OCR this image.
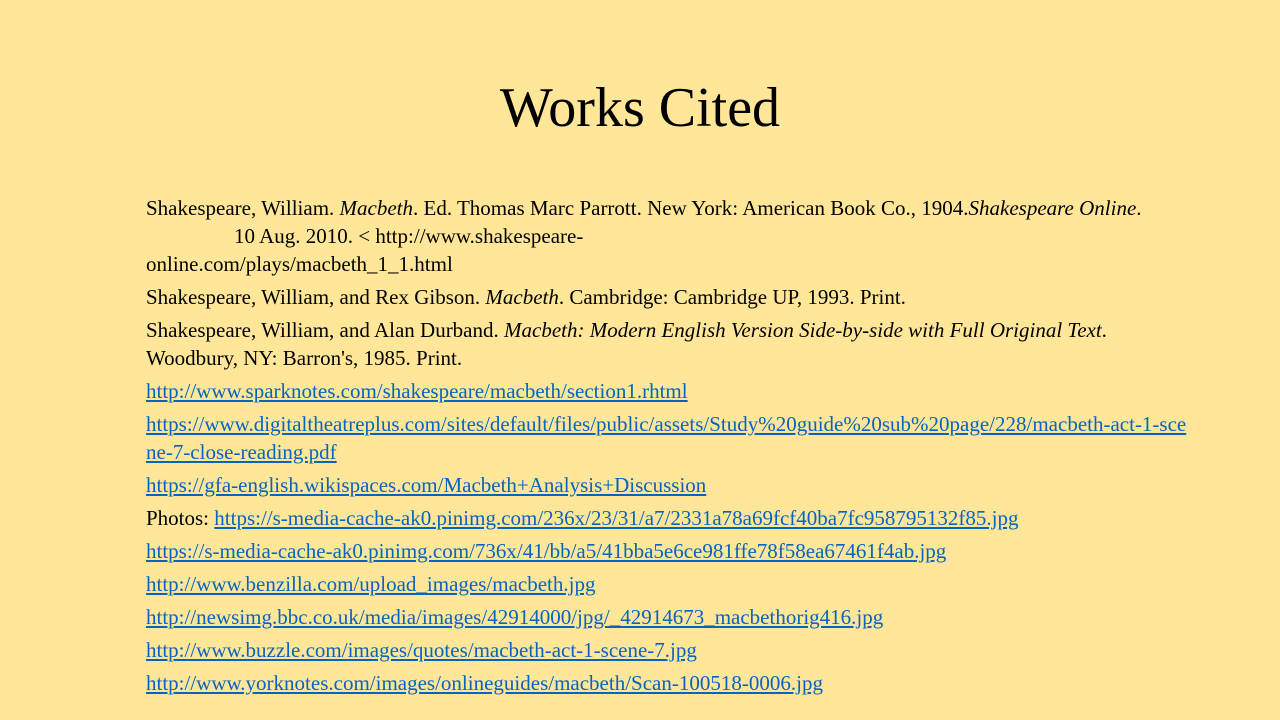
Works Cited

Shakespeare, William. Macbeth. Ed. Thomas Marc Parrott. New York: American Book Co., 1904.Shakespeare Online.10 Aug. 2010. < http://www.shakespeare-
online.com/plays/macbeth_1_1.html

Shakespeare, William, and Rex Gibson. Macbeth. Cambridge: Cambridge UP, 1993. Print.

Shakespeare, William, and Alan Durband. Macbeth: Modern English Version Side-by-side with Full Original Text. Woodbury, NY: Barron's, 1985. Print.

http://www.sparknotes.com/shakespeare/macbeth/section1.rhtml

https://www.digitaltheatreplus.com/sites/default/files/public/assets/Study%20guide%20sub%20page/228/macbeth-act-1-scene-7-close-reading.pdf

https://gfa-english.wikispaces.com/Macbeth+Analysis+Discussion

Photos: https://s-media-cache-ak0.pinimg.com/236x/23/31/a7/2331a78a69fcf40ba7fc958795132f85.jpg

https://s-media-cache-ak0.pinimg.com/736x/41/bb/a5/41bba5e6ce981ffe78f58ea67461f4ab.jpg

http://www.benzilla.com/upload_images/macbeth.jpg

http://newsimg.bbc.co.uk/media/images/42914000/jpg/_42914673_macbethorig416.jpg

http://www.buzzle.com/images/quotes/macbeth-act-1-scene-7.jpg

http://www.yorknotes.com/images/onlineguides/macbeth/Scan-100518-0006.jpg
